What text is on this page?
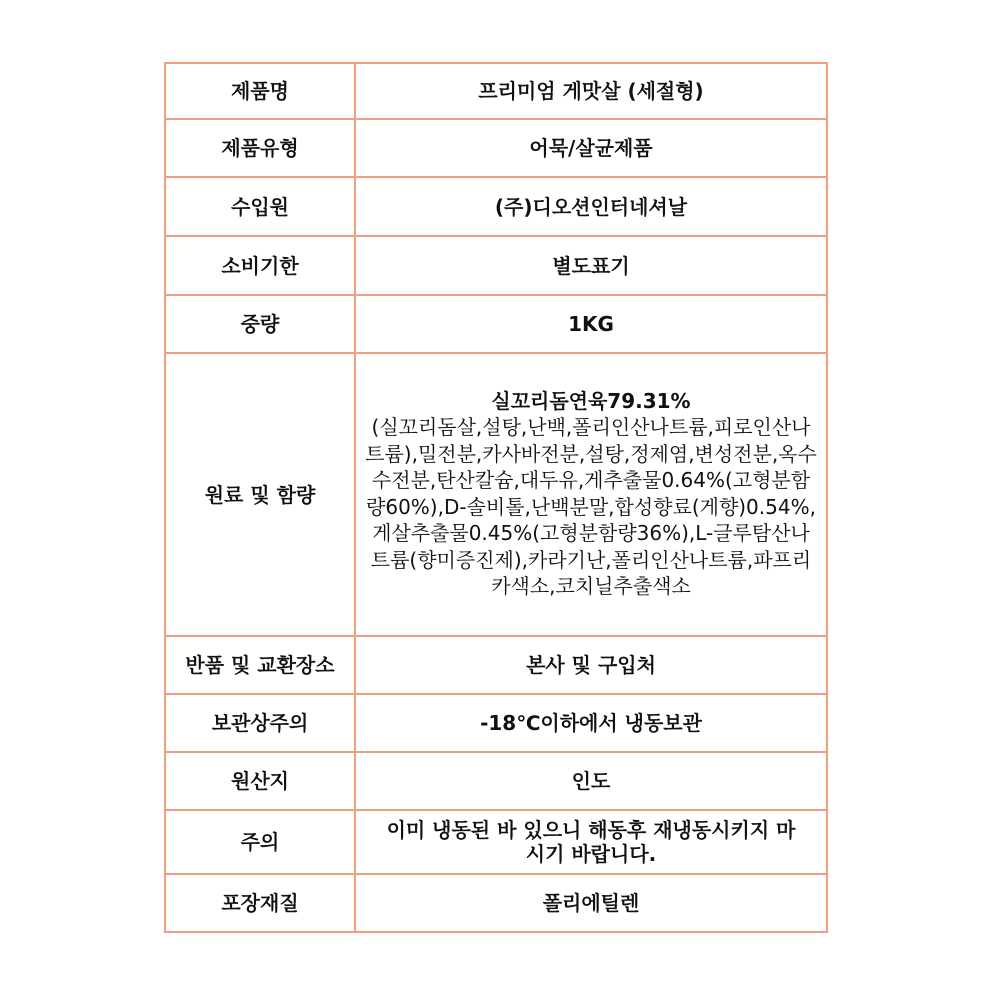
제품명	프리미엄 게맛살 (세절형)
제품유형	어묵/살균제품
수입원	(주)디오션인터네셔날
소비기한	별도표기
중량	1KG
원료 및 함량	실꼬리돔연육79.31%
(실꼬리돔살,설탕,난백,폴리인산나트륨,피로인산나트륨),밀전분,카사바전분,설탕,정제염,변성전분,옥수수전분,탄산칼슘,대두유,게추출물0.64%(고형분함량60%),D-솔비톨,난백분말,합성향료(게향)0.54%,게살추출물0.45%(고형분함량36%),L-글루탐산나트륨(향미증진제),카라기난,폴리인산나트륨,파프리카색소,코치닐추출색소

반품 및 교환장소	본사 및 구입처
보관상주의	-18℃이하에서 냉동보관
원산지	인도
주의	이미 냉동된 바 있으니 해동후 재냉동시키지 마시기 바랍니다.
포장재질	폴리에틸렌
